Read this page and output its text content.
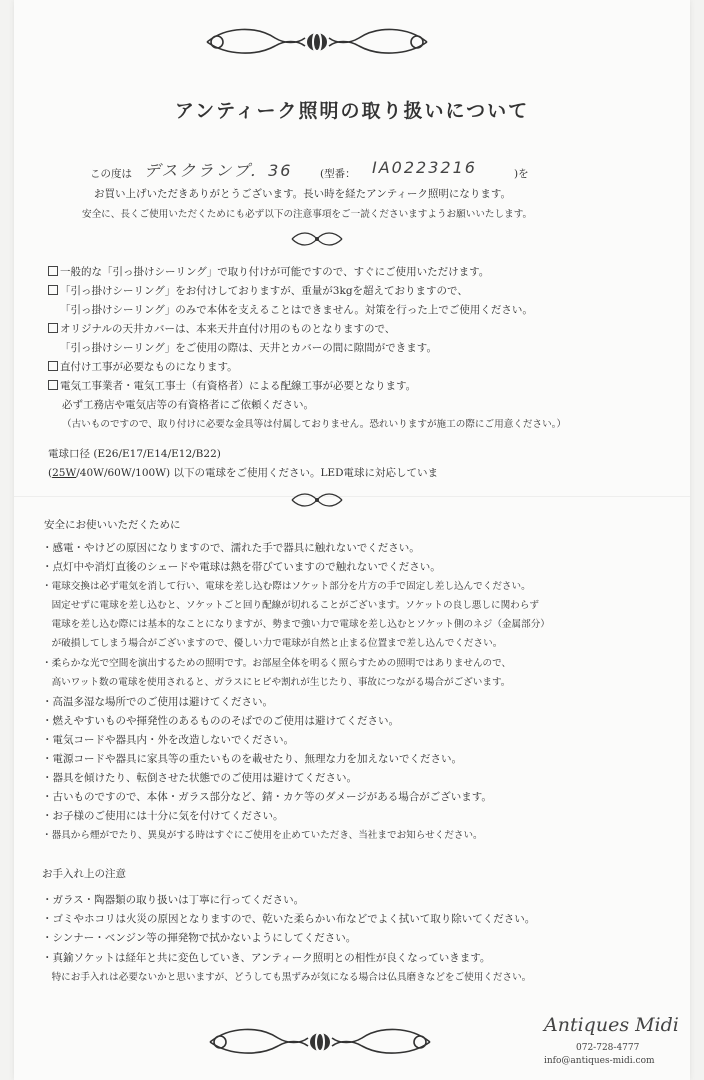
アンティーク照明の取り扱いについて
この度は デスクランプ．36	(型番： IA0223216	)を
お買い上げいただきありがとうございます。長い時を経たアンティーク照明になります。
安全に、長くご使用いただくためにも必ず以下の注意事項をご一読くださいますようお願いいたします。
一般的な「引っ掛けシーリング」で取り付けが可能ですので、すぐにご使用いただけます。
「引っ掛けシーリング」をお付けしておりますが、重量が3kgを超えておりますので、
「引っ掛けシーリング」のみで本体を支えることはできません。対策を行った上でご使用ください。
オリジナルの天井カバーは、本来天井直付け用のものとなりますので、
「引っ掛けシーリング」をご使用の際は、天井とカバーの間に隙間ができます。
直付け工事が必要なものになります。
電気工事業者・電気工事士（有資格者）による配線工事が必要となります。
必ず工務店や電気店等の有資格者にご依頼ください。
（古いものですので、取り付けに必要な金具等は付属しておりません。恐れいりますが施工の際にご用意ください。）
電球口径 (E26/E17/E14/E12/B22)
(25W/40W/60W/100W) 以下の電球をご使用ください。LED電球に対応していま
安全にお使いいただくために
・感電・やけどの原因になりますので、濡れた手で器具に触れないでください。
・点灯中や消灯直後のシェードや電球は熱を帯びていますので触れないでください。
・電球交換は必ず電気を消して行い、電球を差し込む際はソケット部分を片方の手で固定し差し込んでください。
　固定せずに電球を差し込むと、ソケットごと回り配線が切れることがございます。ソケットの良し悪しに関わらず
　電球を差し込む際には基本的なことになりますが、勢まで強い力で電球を差し込むとソケット側のネジ（金属部分）
　が破損してしまう場合がございますので、優しい力で電球が自然と止まる位置まで差し込んでください。
・柔らかな光で空間を演出するための照明です。お部屋全体を明るく照らすための照明ではありませんので、
　高いワット数の電球を使用されると、ガラスにヒビや割れが生じたり、事故につながる場合がございます。
・高温多湿な場所でのご使用は避けてください。
・燃えやすいものや揮発性のあるもののそばでのご使用は避けてください。
・電気コードや器具内・外を改造しないでください。
・電源コードや器具に家具等の重たいものを載せたり、無理な力を加えないでください。
・器具を傾けたり、転倒させた状態でのご使用は避けてください。
・古いものですので、本体・ガラス部分など、錆・カケ等のダメージがある場合がございます。
・お子様のご使用には十分に気を付けてください。
・器具から煙がでたり、異臭がする時はすぐにご使用を止めていただき、当社までお知らせください。
お手入れ上の注意
・ガラス・陶器類の取り扱いは丁寧に行ってください。
・ゴミやホコリは火災の原因となりますので、乾いた柔らかい布などでよく拭いて取り除いてください。
・シンナー・ベンジン等の揮発物で拭かないようにしてください。
・真鍮ソケットは経年と共に変色していき、アンティーク照明との相性が良くなっていきます。
　特にお手入れは必要ないかと思いますが、どうしても黒ずみが気になる場合は仏具磨きなどをご使用ください。
Antiques Midi
072-728-4777
info@antiques-midi.com
